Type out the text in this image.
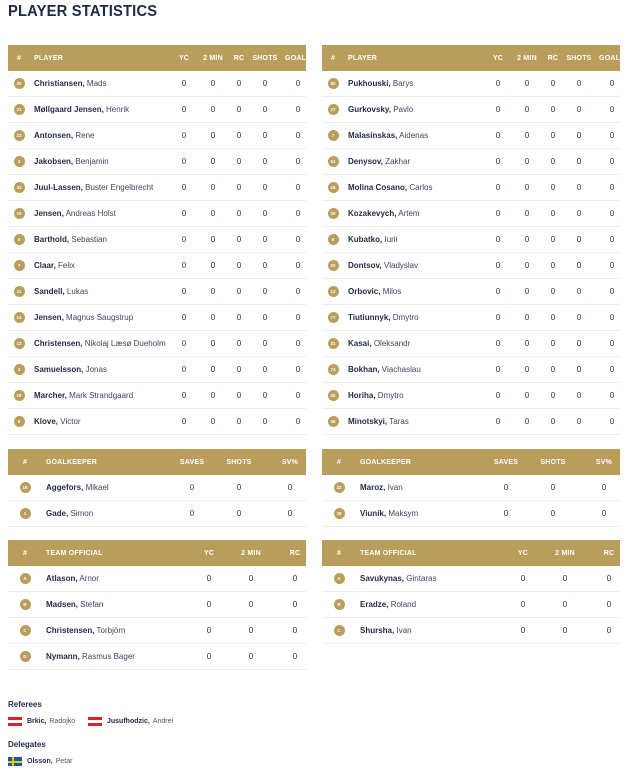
PLAYER STATISTICS
#	PLAYER	YC	2 MIN	RC	SHOTS	GOALS
20	Christiansen, Mads	0	0	0	0	0
21	Møllgaard Jensen, Henrik	0	0	0	0	0
23	Antonsen, Rene	0	0	0	0	0
3	Jakobsen, Benjamin	0	0	0	0	0
33	Juul-Lassen, Buster Engelbrecht	0	0	0	0	0
15	Jensen, Andreas Holst	0	0	0	0	0
6	Barthold, Sebastian	0	0	0	0	0
7	Claar, Felix	0	0	0	0	0
11	Sandell, Lukas	0	0	0	0	0
14	Jensen, Magnus Saugstrup	0	0	0	0	0
13	Christensen, Nikolaj Læsø Dueholm	0	0	0	0	0
3	Samuelsson, Jonas	0	0	0	0	0
19	Marcher, Mark Strandgaard	0	0	0	0	0
5	Klove, Victor	0	0	0	0	0
#	PLAYER	YC	2 MIN	RC	SHOTS	GOALS
50	Pukhouski, Barys	0	0	0	0	0
27	Gurkovsky, Pavlo	0	0	0	0	0
7	Malasinskas, Aidenas	0	0	0	0	0
51	Denysov, Zakhar	0	0	0	0	0
18	Molina Cosano, Carlos	0	0	0	0	0
20	Kozakevych, Artem	0	0	0	0	0
5	Kubatko, Iurii	0	0	0	0	0
22	Dontsov, Vladyslav	0	0	0	0	0
12	Orbovic, Milos	0	0	0	0	0
77	Tiutiunnyk, Dmytro	0	0	0	0	0
31	Kasai, Oleksandr	0	0	0	0	0
74	Bokhan, Viachaslau	0	0	0	0	0
26	Horiha, Dmytro	0	0	0	0	0
35	Minotskyi, Taras	0	0	0	0	0
#	GOALKEEPER	SAVES	SHOTS	SV%
16	Aggefors, Mikael	0	0	0
1	Gade, Simon	0	0	0
#	GOALKEEPER	SAVES	SHOTS	SV%
22	Maroz, Ivan	0	0	0
38	Viunik, Maksym	0	0	0
#	TEAM OFFICIAL	YC	2 MIN	RC
A	Atlason, Arnor	0	0	0
B	Madsen, Stefan	0	0	0
C	Christensen, Torbjörn	0	0	0
D	Nymann, Rasmus Bager	0	0	0
#	TEAM OFFICIAL	YC	2 MIN	RC
A	Savukynas, Gintaras	0	0	0
B	Eradze, Roland	0	0	0
C	Shursha, Ivan	0	0	0
Referees
Brkic, Radojko	Jusufhodzic, Andrei
Delegates
Olsson, Petar
